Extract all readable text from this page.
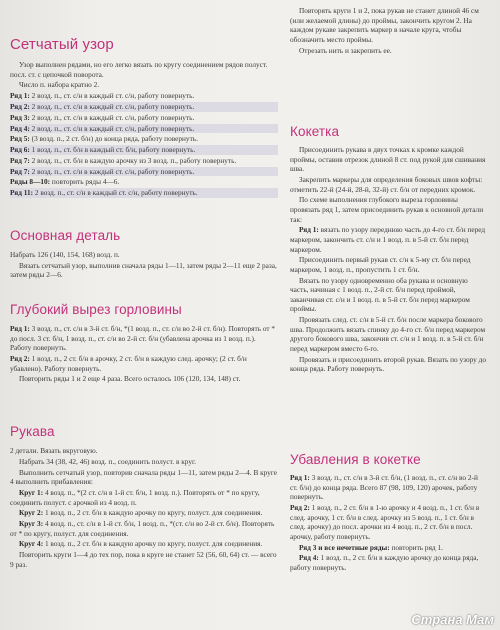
Сетчатый узор

Узор выполнен рядами, но его легко вязать по кругу соединением рядов полуст. посл. ст. с цепочкой поворота.

Число п. набора кратно 2.

Ряд 1: 2 возд. п., ст. с/н в каждый ст. с/н, работу повернуть.

Ряд 2: 2 возд. п., ст. с/н в каждый ст. с/н, работу повернуть.

Ряд 3: 2 возд. п., ст. с/н в каждый ст. с/н, работу повернуть.

Ряд 4: 2 возд. п., ст. с/н в каждый ст. с/н, работу повернуть.

Ряд 5: (3 возд. п., 2 ст. б/н) до конца ряда, работу повернуть.

Ряд 6: 1 возд. п., ст. б/н в каждый ст. б/н, работу повернуть.

Ряд 7: 2 возд. п., ст. б/н в каждую арочку из 3 возд. п., работу повернуть.

Ряд 7: 2 возд. п., ст. с/н в каждый ст. с/н, работу повернуть.

Ряды 8—10: повторить ряды 4—6.

Ряд 11: 2 возд. п., ст. с/н в каждый ст. с/н, работу повернуть.

Основная деталь

Набрать 126 (140, 154, 168) возд. п.

Вязать сетчатый узор, выполнив сначала ряды 1—11, затем ряды 2—11 еще 2 раза, затем ряды 2—6.

Глубокий вырез горловины

Ряд 1: 3 возд. п., ст. с/н в 3-й ст. б/н, *(1 возд. п., ст. с/н во 2-й ст. б/н). Повторять от * до посл. 3 ст. б/н, 1 возд. п., ст. с/н во 2-й ст. б/н (убавлена арочка из 1 возд. п.). Работу повернуть.

Ряд 2: 1 возд. п., 2 ст. б/н в арочку, 2 ст. б/н в каждую след. арочку; (2 ст. б/н убавлено). Работу повернуть.

Повторить ряды 1 и 2 еще 4 раза. Всего осталось 106 (120, 134, 148) ст.

Рукава

2 детали. Вязать вкруговую.

Набрать 34 (38, 42, 46) возд. п., соединить полуст. в круг.

Выполнить сетчатый узор, повторив сначала ряды 1—11, затем ряды 2—4. В круге 4 выполнить прибавления:

Круг 1: 4 возд. п., *(2 ст. с/н в 1-й ст. б/н, 1 возд. п.). Повторять от * по кругу, соединить полуст. с арочкой из 4 возд. п.

Круг 2: 1 возд. п., 2 ст. б/н в каждую арочку по кругу, полуст. для соединения.

Круг 3: 4 возд. п., ст. с/н в 1-й ст. б/н, 1 возд. п., *(ст. с/н во 2-й ст. б/н). Повторять от * по кругу, полуст. для соединения.

Круг 4: 1 возд. п., 2 ст. б/н в каждую арочку по кругу, полуст. для соединения.

Повторить круги 1—4 до тех пор, пока в круге не станет 52 (56, 60, 64) ст. — всего 9 раз.

Повторять круги 1 и 2, пока рукав не станет длиной 46 см (или желаемой длины) до проймы, закончить кругом 2. На каждом рукаве закрепить маркер в начале круга, чтобы обозначить место проймы.

Отрезать нить и закрепить ее.

Кокетка

Присоединить рукава в двух точках к кромке каждой проймы, оставив отрезок длиной 8 ст. под рукой для сшивания шва.

Закрепить маркеры для определения боковых швов кофты: отметить 22-й (24-й, 28-й, 32-й) ст. б/н от передних кромок.

По схеме выполнения глубокого выреза горловины провязать ряд 1, затем присоединить рукав к основной детали так:

Ряд 1: вязать по узору переднюю часть до 4-го ст. б/н перед маркером, закончить ст. с/н и 1 возд. п. в 5-й ст. б/н перед маркером.

Присоединить первый рукав ст. с/н к 5-му ст. б/н перед маркером, 1 возд. п., пропустить 1 ст. б/н.

Вязать по узору одновременно оба рукава и основную часть, начиная с 1 возд. п., 2-й ст. б/н перед проймой, заканчивая ст. с/н и 1 возд. п. в 5-й ст. б/н перед маркером проймы.

Провязать след. ст. с/н в 5-й ст. б/н после маркера бокового шва. Продолжить вязать спинку до 4-го ст. б/н перед маркером другого бокового шва, закончив ст. с/н и 1 возд. п. в 5-й ст. б/н перед маркером вместо 6-го.

Провязать и присоединить второй рукав. Вязать по узору до конца ряда. Работу повернуть.

Убавления в кокетке

Ряд 1: 3 возд. п., ст. с/н в 3-й ст. б/н, (1 возд. п., ст. с/н во 2-й ст. б/н) до конца ряда. Всего 87 (98, 109, 120) арочек, работу повернуть.

Ряд 2: 1 возд. п., 2 ст. б/н в 1-ю арочку и 4 возд. п., 1 ст. б/н в след. арочку, 1 ст. б/н в след. арочку из 5 возд. п., 1 ст. б/н в след. арочку) до посл. арочки из 4 возд. п., 2 ст. б/н в посл. арочку, работу повернуть.

Ряд 3 и все нечетные ряды: повторить ряд 1.

Ряд 4: 1 возд. п., 2 ст. б/н в каждую арочку до конца ряда, работу повернуть.

Страна Мам
